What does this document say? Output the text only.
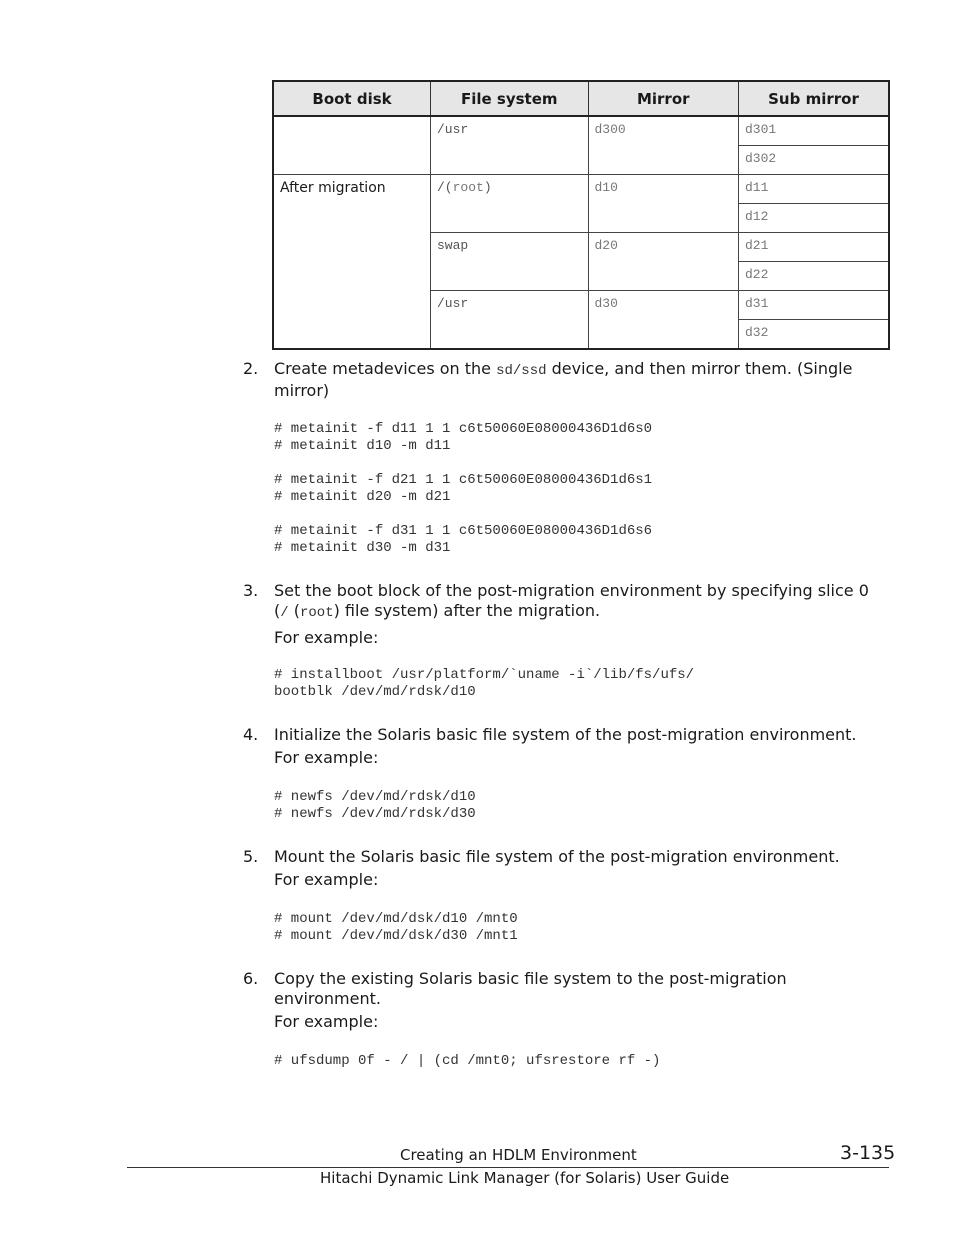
Boot disk	File system	Mirror	Sub mirror
	/usr	d300	d301
			d302
After migration	/(root)	d10	d11
			d12
	swap	d20	d21
			d22
	/usr	d30	d31
			d32
2. Create metadevices on the sd/ssd device, and then mirror them. (Single mirror)
# metainit -f d11 1 1 c6t50060E08000436D1d6s0
# metainit d10 -m d11
# metainit -f d21 1 1 c6t50060E08000436D1d6s1
# metainit d20 -m d21
# metainit -f d31 1 1 c6t50060E08000436D1d6s6
# metainit d30 -m d31
3. Set the boot block of the post-migration environment by specifying slice 0
(/ (root) file system) after the migration.
For example:
# installboot /usr/platform/`uname -i`/lib/fs/ufs/
bootblk /dev/md/rdsk/d10
4. Initialize the Solaris basic file system of the post-migration environment.
For example:
# newfs /dev/md/rdsk/d10
# newfs /dev/md/rdsk/d30
5. Mount the Solaris basic file system of the post-migration environment.
For example:
# mount /dev/md/dsk/d10 /mnt0
# mount /dev/md/dsk/d30 /mnt1
6. Copy the existing Solaris basic file system to the post-migration environment.
For example:
# ufsdump 0f - / | (cd /mnt0; ufsrestore rf -)
Creating an HDLM Environment	3-135
Hitachi Dynamic Link Manager (for Solaris) User Guide
